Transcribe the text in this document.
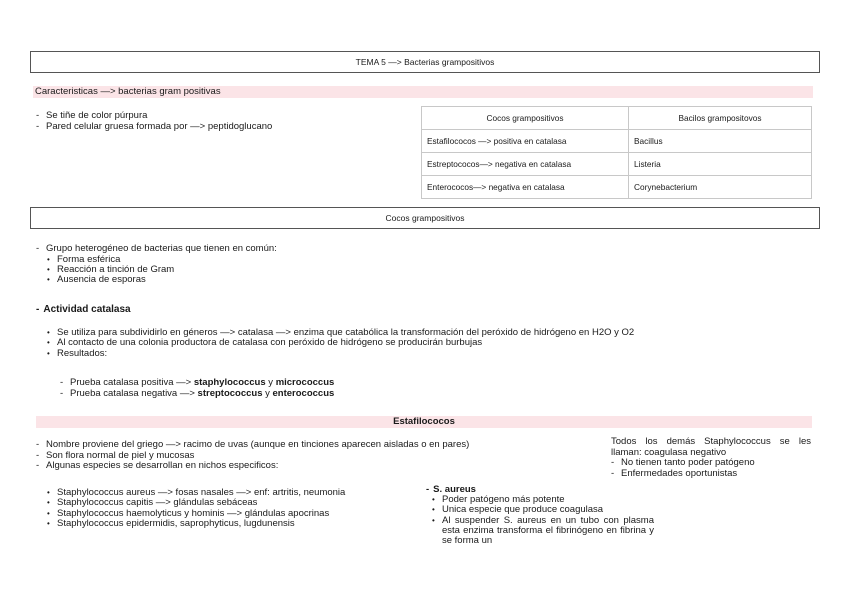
TEMA 5 —> Bacterias grampositivos
Caracteristicas —> bacterias gram positivas
- Se tiñe de color púrpura
- Pared celular gruesa formada por —> peptidoglucano
Cocos grampositivos	Bacilos grampositovos
Estafilococos —> positiva en catalasa	Bacillus
Estreptococos—> negativa en catalasa	Listeria
Enterococos—> negativa en catalasa	Corynebacterium
Cocos grampositivos
- Grupo heterogéneo de bacterias que tienen en común:
• Forma esférica
• Reacción a tinción de Gram
• Ausencia de esporas
- Actividad catalasa
• Se utiliza para subdividirlo en géneros —> catalasa —> enzima que catabólica la transformación del peróxido de hidrógeno en H2O y O2
• Al contacto de una colonia productora de catalasa con peróxido de hidrógeno se producirán burbujas
• Resultados:
- Prueba catalasa positiva —> staphylococcus y micrococcus
- Prueba catalasa negativa —> streptococcus y enterococcus
Estafilococos
- Nombre proviene del griego —> racimo de uvas (aunque en tinciones aparecen aisladas o en pares)
- Son flora normal de piel y mucosas
- Algunas especies se desarrollan en nichos especificos:
• Staphylococcus aureus —> fosas nasales —> enf: artritis, neumonia
• Staphylococcus capitis —> glándulas sebáceas
• Staphylococcus haemolyticus y hominis —> glándulas apocrinas
• Staphylococcus epidermidis, saprophyticus, lugdunensis
- S. aureus
• Poder patógeno más potente
• Unica especie que produce coagulasa
• Al suspender S. aureus en un tubo con plasma esta enzima transforma el fibrinógeno en fibrina y se forma un
Todos los demás Staphylococcus se les llaman: coagulasa negativo
- No tienen tanto poder patógeno
- Enfermedades oportunistas
